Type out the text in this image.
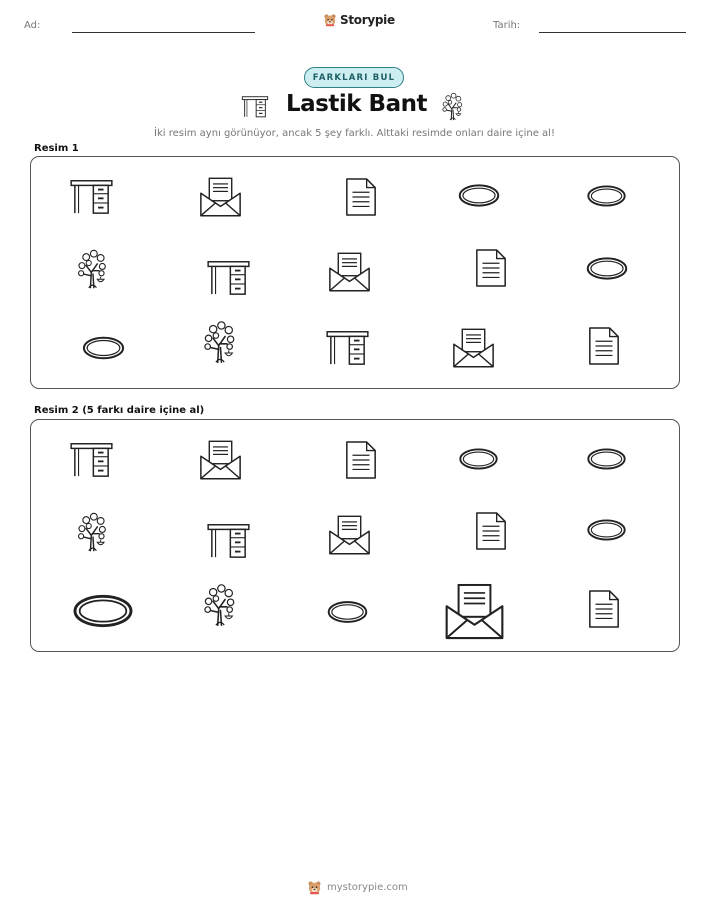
Ad:	Storypie	Tarih:
FARKLARI BUL
Lastik Bant
İki resim aynı görünüyor, ancak 5 şey farklı. Alttaki resimde onları daire içine al!
Resim 1
Resim 2 (5 farkı daire içine al)
mystorypie.com
